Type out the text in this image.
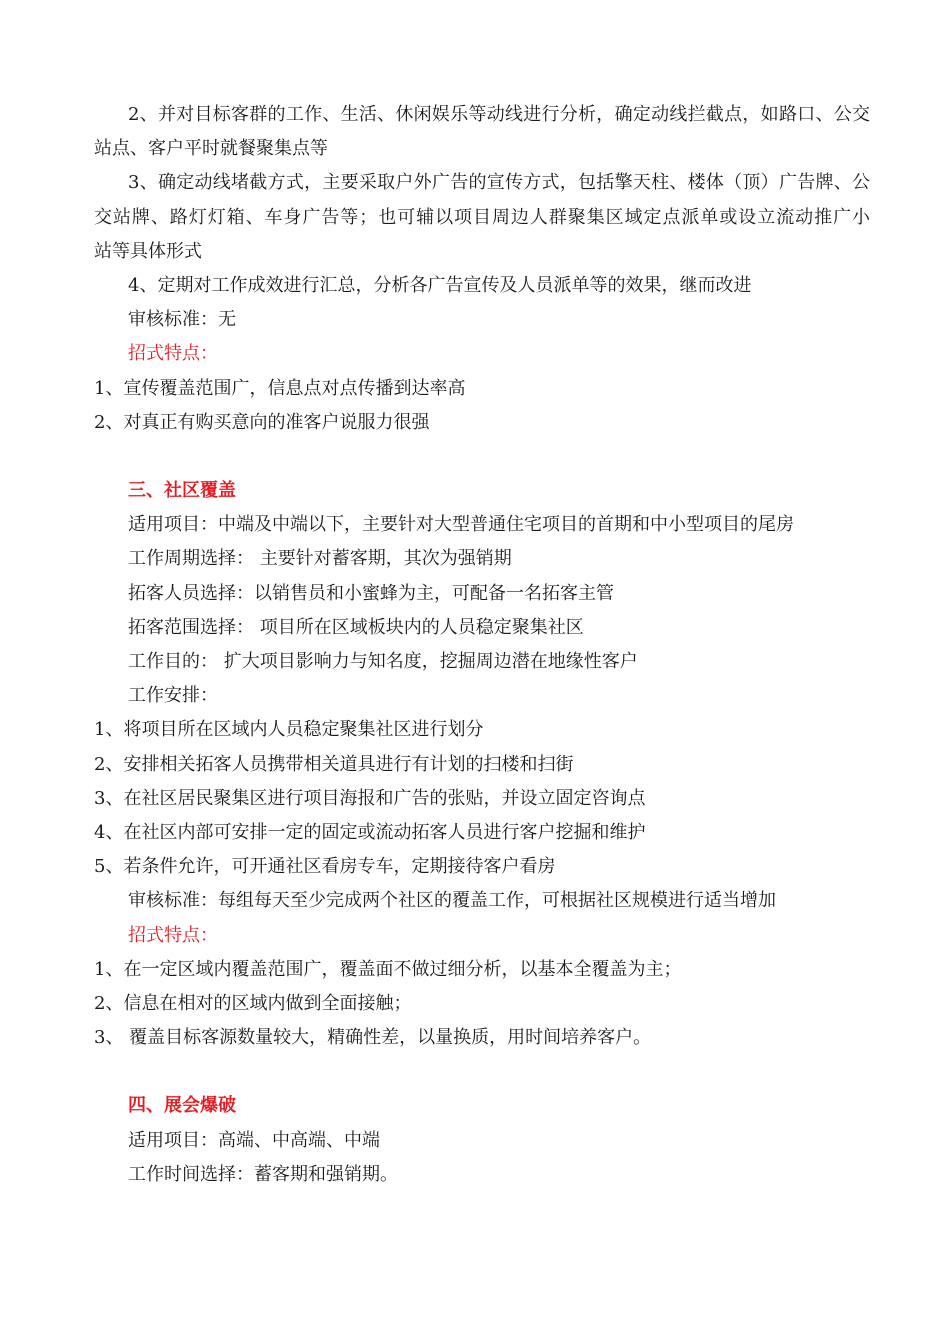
2、并对目标客群的工作、生活、休闲娱乐等动线进行分析，确定动线拦截点，如路口、公交
站点、客户平时就餐聚集点等
3、确定动线堵截方式，主要采取户外广告的宣传方式，包括擎天柱、楼体（顶）广告牌、公
交站牌、路灯灯箱、车身广告等；也可辅以项目周边人群聚集区域定点派单或设立流动推广小
站等具体形式
4、定期对工作成效进行汇总，分析各广告宣传及人员派单等的效果，继而改进
审核标准：无
招式特点：
1、宣传覆盖范围广，信息点对点传播到达率高
2、对真正有购买意向的准客户说服力很强
三、社区覆盖
适用项目：中端及中端以下，主要针对大型普通住宅项目的首期和中小型项目的尾房
工作周期选择： 主要针对蓄客期，其次为强销期
拓客人员选择：以销售员和小蜜蜂为主，可配备一名拓客主管
拓客范围选择： 项目所在区域板块内的人员稳定聚集社区
工作目的： 扩大项目影响力与知名度，挖掘周边潜在地缘性客户
工作安排：
1、将项目所在区域内人员稳定聚集社区进行划分
2、安排相关拓客人员携带相关道具进行有计划的扫楼和扫街
3、在社区居民聚集区进行项目海报和广告的张贴，并设立固定咨询点
4、在社区内部可安排一定的固定或流动拓客人员进行客户挖掘和维护
5、若条件允许，可开通社区看房专车，定期接待客户看房
审核标准：每组每天至少完成两个社区的覆盖工作，可根据社区规模进行适当增加
招式特点：
1、在一定区域内覆盖范围广，覆盖面不做过细分析，以基本全覆盖为主；
2、信息在相对的区域内做到全面接触；
3、 覆盖目标客源数量较大，精确性差，以量换质，用时间培养客户。
四、展会爆破
适用项目：高端、中高端、中端
工作时间选择：蓄客期和强销期。
